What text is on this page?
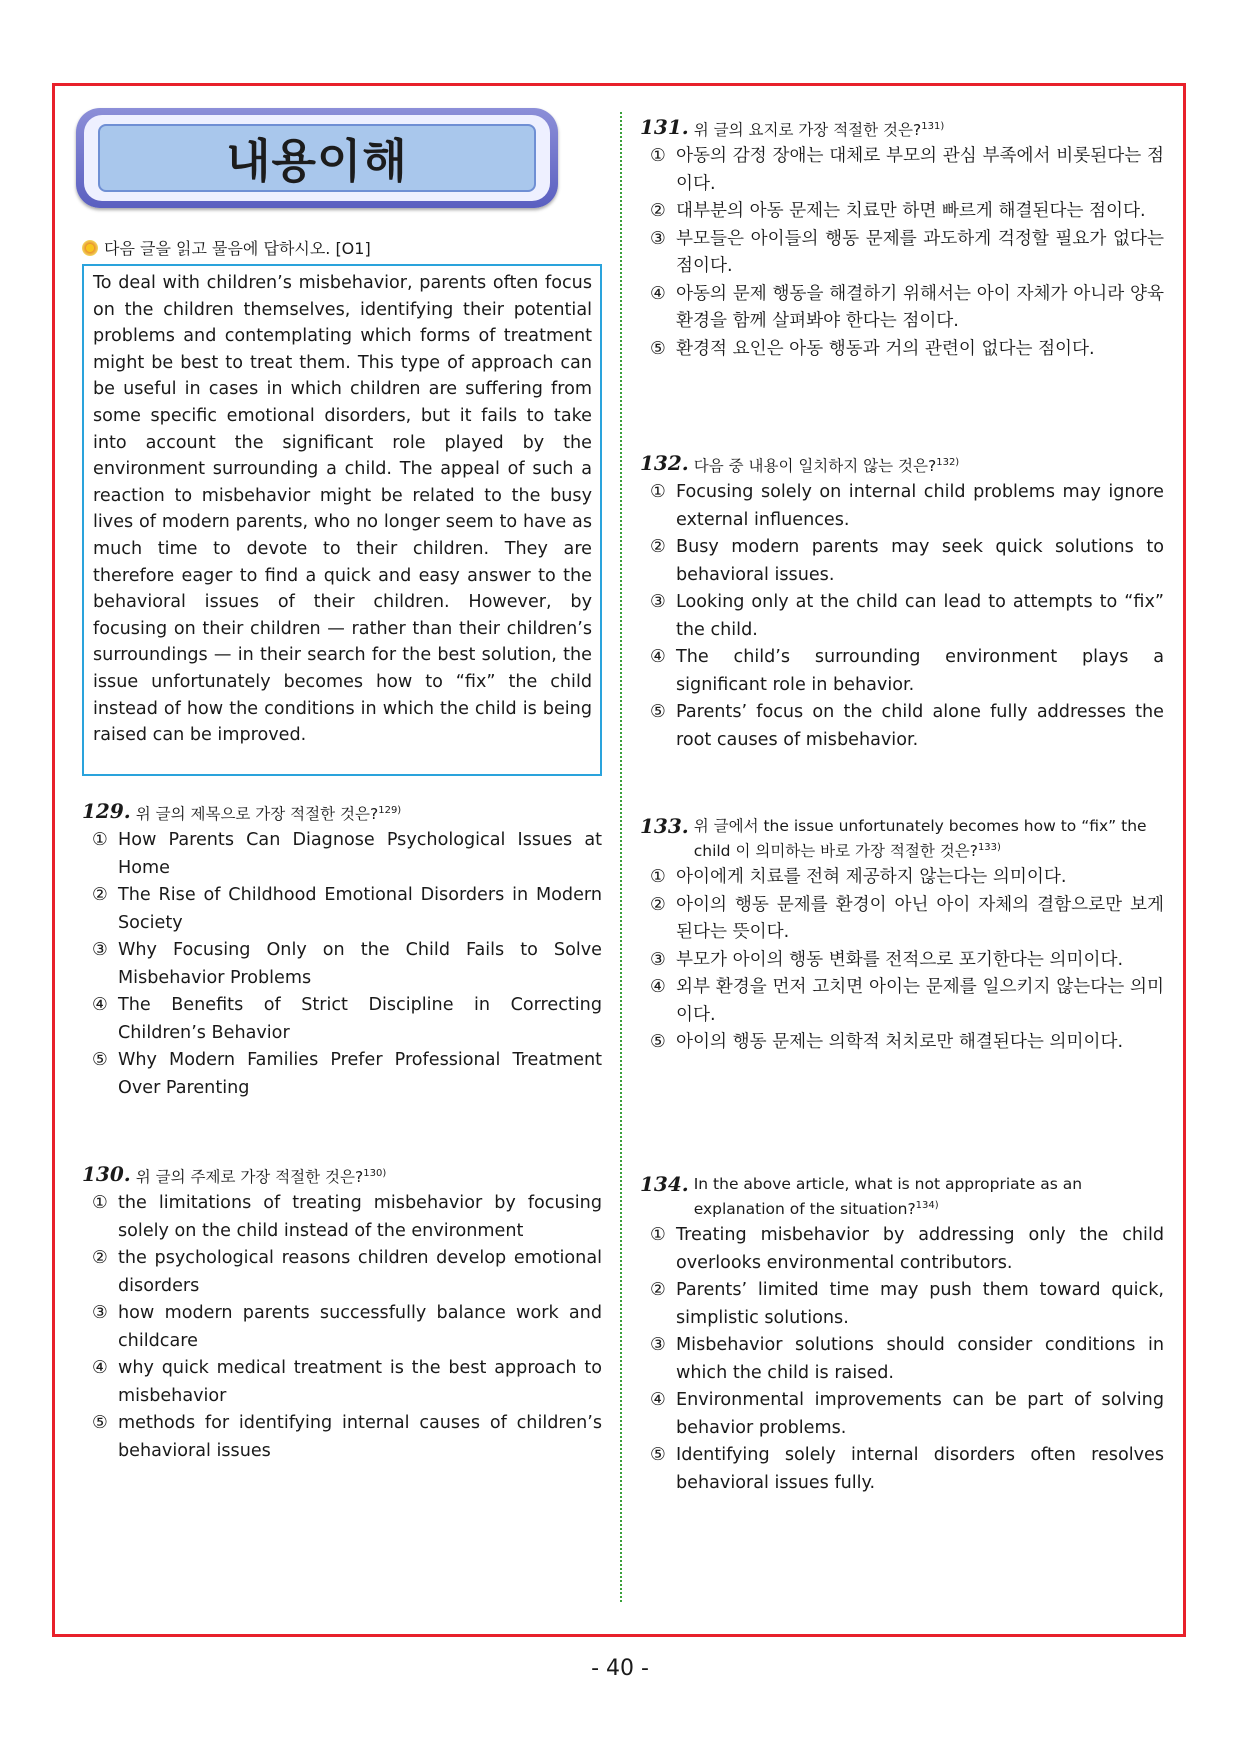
내용이해
다음 글을 읽고 물음에 답하시오. [O1]
To deal with children’s misbehavior, parents often focus on the children themselves, identifying their potential problems and contemplating which forms of treatment might be best to treat them. This type of approach can be useful in cases in which children are suffering from some specific emotional disorders, but it fails to take into account the significant role played by the environment surrounding a child. The appeal of such a reaction to misbehavior might be related to the busy lives of modern parents, who no longer seem to have as much time to devote to their children. They are therefore eager to find a quick and easy answer to the behavioral issues of their children. However, by focusing on their children — rather than their children’s surroundings — in their search for the best solution, the issue unfortunately becomes how to “fix” the child instead of how the conditions in which the child is being raised can be improved.
129. 위 글의 제목으로 가장 적절한 것은?$^{129)}$
① How Parents Can Diagnose Psychological Issues at Home
② The Rise of Childhood Emotional Disorders in Modern Society
③ Why Focusing Only on the Child Fails to Solve Misbehavior Problems
④ The Benefits of Strict Discipline in Correcting Children’s Behavior
⑤ Why Modern Families Prefer Professional Treatment Over Parenting
130. 위 글의 주제로 가장 적절한 것은?$^{130)}$
① the limitations of treating misbehavior by focusing solely on the child instead of the environment
② the psychological reasons children develop emotional disorders
③ how modern parents successfully balance work and childcare
④ why quick medical treatment is the best approach to misbehavior
⑤ methods for identifying internal causes of children’s behavioral issues
131. 위 글의 요지로 가장 적절한 것은?$^{131)}$
① 아동의 감정 장애는 대체로 부모의 관심 부족에서 비롯된다는 점이다.
② 대부분의 아동 문제는 치료만 하면 빠르게 해결된다는 점이다.
③ 부모들은 아이들의 행동 문제를 과도하게 걱정할 필요가 없다는 점이다.
④ 아동의 문제 행동을 해결하기 위해서는 아이 자체가 아니라 양육 환경을 함께 살펴봐야 한다는 점이다.
⑤ 환경적 요인은 아동 행동과 거의 관련이 없다는 점이다.
132. 다음 중 내용이 일치하지 않는 것은?$^{132)}$
① Focusing solely on internal child problems may ignore external influences.
② Busy modern parents may seek quick solutions to behavioral issues.
③ Looking only at the child can lead to attempts to “fix” the child.
④ The child’s surrounding environment plays a significant role in behavior.
⑤ Parents’ focus on the child alone fully addresses the root causes of misbehavior.
133. 위 글에서 the issue unfortunately becomes how to “fix” the child 이 의미하는 바로 가장 적절한 것은?$^{133)}$
① 아이에게 치료를 전혀 제공하지 않는다는 의미이다.
② 아이의 행동 문제를 환경이 아닌 아이 자체의 결함으로만 보게 된다는 뜻이다.
③ 부모가 아이의 행동 변화를 전적으로 포기한다는 의미이다.
④ 외부 환경을 먼저 고치면 아이는 문제를 일으키지 않는다는 의미이다.
⑤ 아이의 행동 문제는 의학적 처치로만 해결된다는 의미이다.
134. In the above article, what is not appropriate as an explanation of the situation?$^{134)}$
① Treating misbehavior by addressing only the child overlooks environmental contributors.
② Parents’ limited time may push them toward quick, simplistic solutions.
③ Misbehavior solutions should consider conditions in which the child is raised.
④ Environmental improvements can be part of solving behavior problems.
⑤ Identifying solely internal disorders often resolves behavioral issues fully.
- 40 -
